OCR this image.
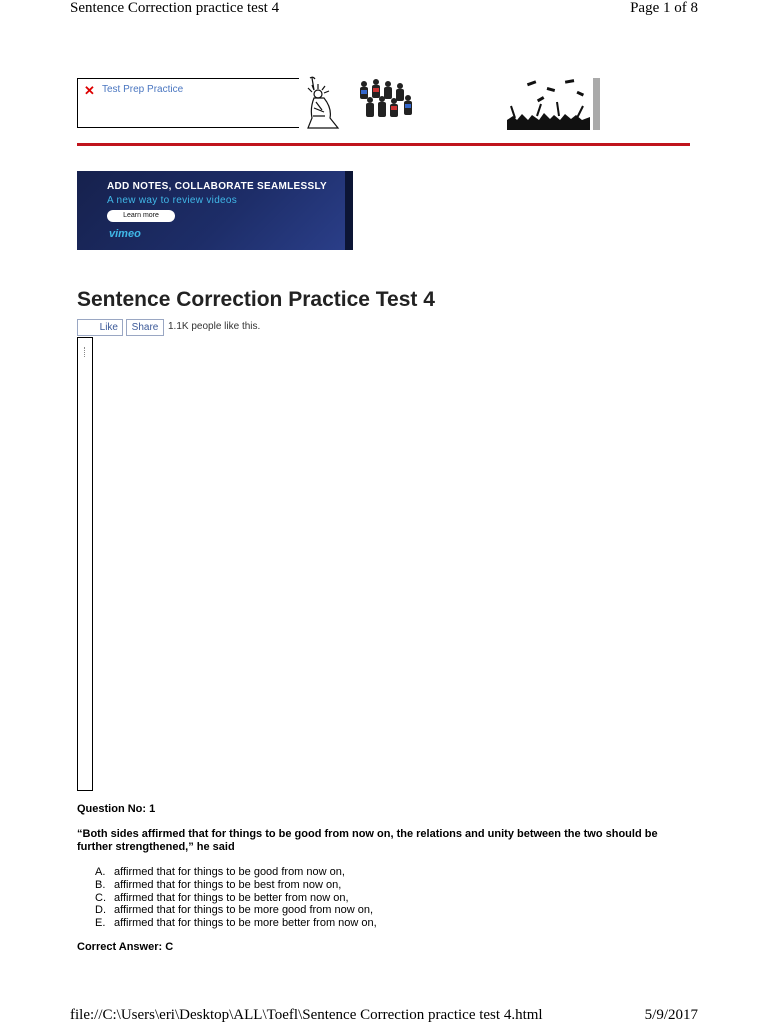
Sentence Correction practice test 4	Page 1 of 8
✕ Test Prep Practice
ADD NOTES, COLLABORATE SEAMLESSLY
A new way to review videos
Learn more
vimeo
Sentence Correction Practice Test 4
Like	Share 1.1K people like this.
Question No: 1
“Both sides affirmed that for things to be good from now on, the relations and unity between the two should be further strengthened,” he said
A. affirmed that for things to be good from now on,
B. affirmed that for things to be best from now on,
C. affirmed that for things to be better from now on,
D. affirmed that for things to be more good from now on,
E. affirmed that for things to be more better from now on,
Correct Answer: C
file://C:\Users\eri\Desktop\ALL\Toefl\Sentence Correction practice test 4.html	5/9/2017
